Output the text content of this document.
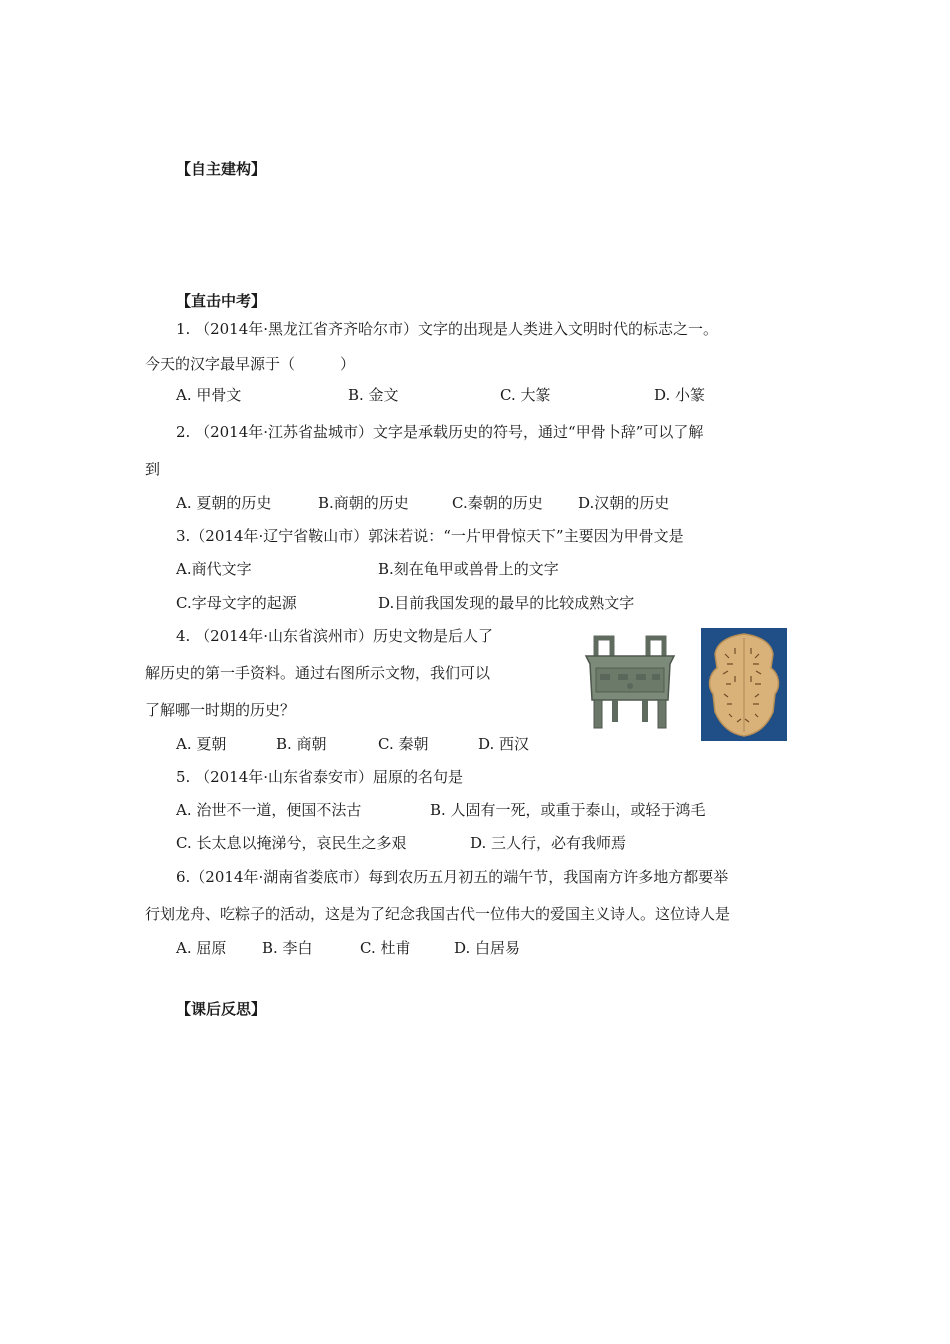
【自主建构】
【直击中考】
【课后反思】
1. （2014年·黑龙江省齐齐哈尔市）文字的出现是人类进入文明时代的标志之一。
今天的汉字最早源于（　　　）
A. 甲骨文	B. 金文	C. 大篆	D. 小篆
2. （2014年·江苏省盐城市）文字是承载历史的符号，通过“甲骨卜辞”可以了解
到
A. 夏朝的历史	B.商朝的历史	C.秦朝的历史 D.汉朝的历史
3.（2014年·辽宁省鞍山市）郭沫若说：“一片甲骨惊天下”主要因为甲骨文是
A.商代文字	B.刻在龟甲或兽骨上的文字
C.字母文字的起源	D.目前我国发现的最早的比较成熟文字
4. （2014年·山东省滨州市）历史文物是后人了
解历史的第一手资料。通过右图所示文物，我们可以
了解哪一时期的历史？
A. 夏朝	B. 商朝	C. 秦朝	D. 西汉
5. （2014年·山东省泰安市）屈原的名句是
A. 治世不一道，便国不法古	B. 人固有一死，或重于泰山，或轻于鸿毛
C. 长太息以掩涕兮，哀民生之多艰	D. 三人行，必有我师焉
6.（2014年·湖南省娄底市）每到农历五月初五的端午节，我国南方许多地方都要举
行划龙舟、吃粽子的活动，这是为了纪念我国古代一位伟大的爱国主义诗人。这位诗人是
A. 屈原 B. 李白	C. 杜甫	D. 白居易
